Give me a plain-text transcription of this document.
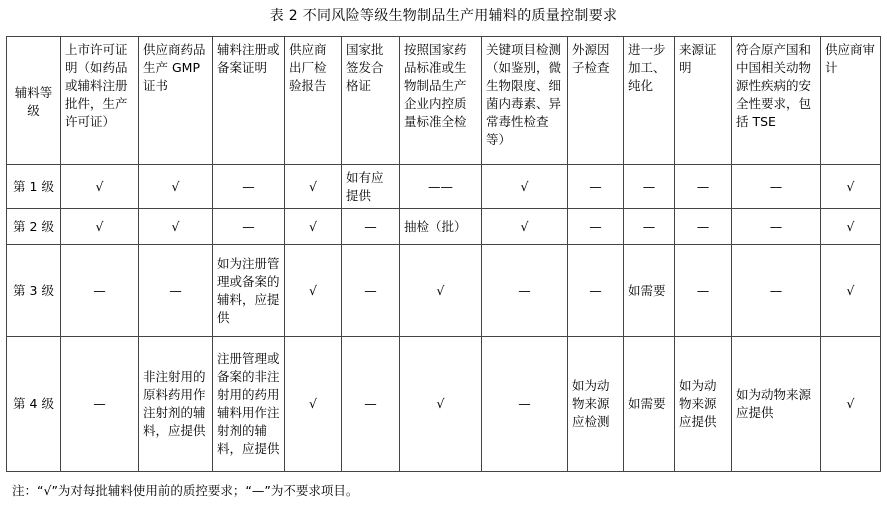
表 2 不同风险等级生物制品生产用辅料的质量控制要求
辅料等级	上市许可证明（如药品或辅料注册批件，生产许可证）	供应商药品生产 GMP 证书	辅料注册或备案证明	供应商出厂检验报告	国家批签发合格证	按照国家药品标准或生物制品生产企业内控质量标准全检	关键项目检测（如鉴别，微生物限度、细菌内毒素、异常毒性检查等）	外源因子检查	进一步加工、纯化	来源证明	符合原产国和中国相关动物源性疾病的安全性要求，包括 TSE	供应商审计
第 1 级	√	√	—	√	如有应提供	——	√	—	—	—	—	√
第 2 级	√	√	—	√	—	抽检（批）	√	—	—	—	—	√
第 3 级	—	—	如为注册管理或备案的辅料，应提供	√	—	√	—	—	如需要	—	—	√
第 4 级	—	非注射用的原料药用作注射剂的辅料，应提供	注册管理或备案的非注射用的药用辅料用作注射剂的辅料，应提供	√	—	√	—	如为动物来源应检测	如需要	如为动物来源应提供	如为动物来源应提供	√
注：“√”为对每批辅料使用前的质控要求；“—”为不要求项目。
